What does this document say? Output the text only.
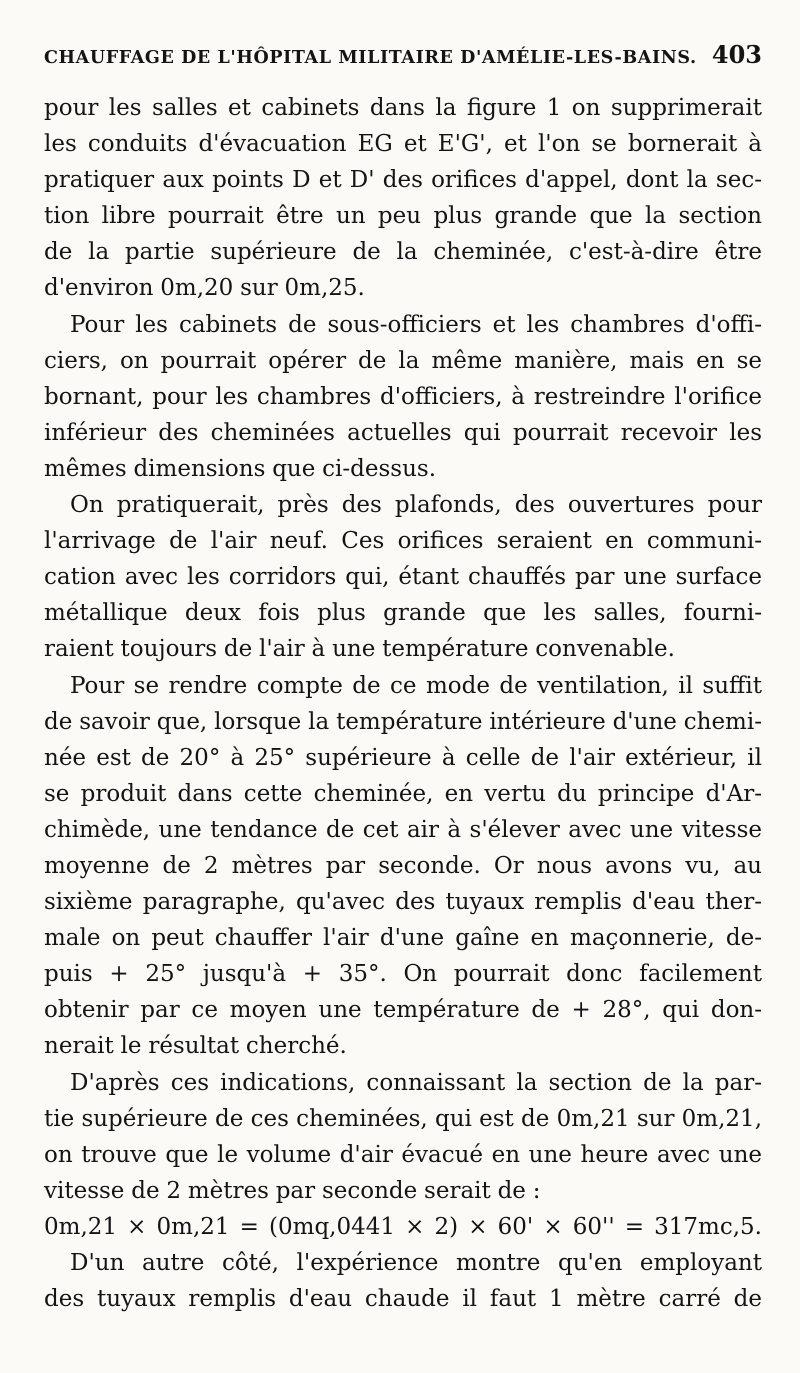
CHAUFFAGE DE L'HÔPITAL MILITAIRE D'AMÉLIE-LES-BAINS. 403

pour les salles et cabinets dans la figure 1 on supprimerait
les conduits d'évacuation EG et E'G', et l'on se bornerait à
pratiquer aux points D et D' des orifices d'appel, dont la sec-
tion libre pourrait être un peu plus grande que la section
de la partie supérieure de la cheminée, c'est-à-dire être
d'environ 0m,20 sur 0m,25.

Pour les cabinets de sous-officiers et les chambres d'offi-
ciers, on pourrait opérer de la même manière, mais en se
bornant, pour les chambres d'officiers, à restreindre l'orifice
inférieur des cheminées actuelles qui pourrait recevoir les
mêmes dimensions que ci-dessus.

On pratiquerait, près des plafonds, des ouvertures pour
l'arrivage de l'air neuf. Ces orifices seraient en communi-
cation avec les corridors qui, étant chauffés par une surface
métallique deux fois plus grande que les salles, fourni-
raient toujours de l'air à une température convenable.

Pour se rendre compte de ce mode de ventilation, il suffit
de savoir que, lorsque la température intérieure d'une chemi-
née est de 20° à 25° supérieure à celle de l'air extérieur, il
se produit dans cette cheminée, en vertu du principe d'Ar-
chimède, une tendance de cet air à s'élever avec une vitesse
moyenne de 2 mètres par seconde. Or nous avons vu, au
sixième paragraphe, qu'avec des tuyaux remplis d'eau ther-
male on peut chauffer l'air d'une gaîne en maçonnerie, de-
puis + 25° jusqu'à + 35°. On pourrait donc facilement
obtenir par ce moyen une température de + 28°, qui don-
nerait le résultat cherché.

D'après ces indications, connaissant la section de la par-
tie supérieure de ces cheminées, qui est de 0m,21 sur 0m,21,
on trouve que le volume d'air évacué en une heure avec une
vitesse de 2 mètres par seconde serait de :
0m,21 × 0m,21 = (0mq,0441 × 2) × 60' × 60'' = 317mc,5.

D'un autre côté, l'expérience montre qu'en employant
des tuyaux remplis d'eau chaude il faut 1 mètre carré de
